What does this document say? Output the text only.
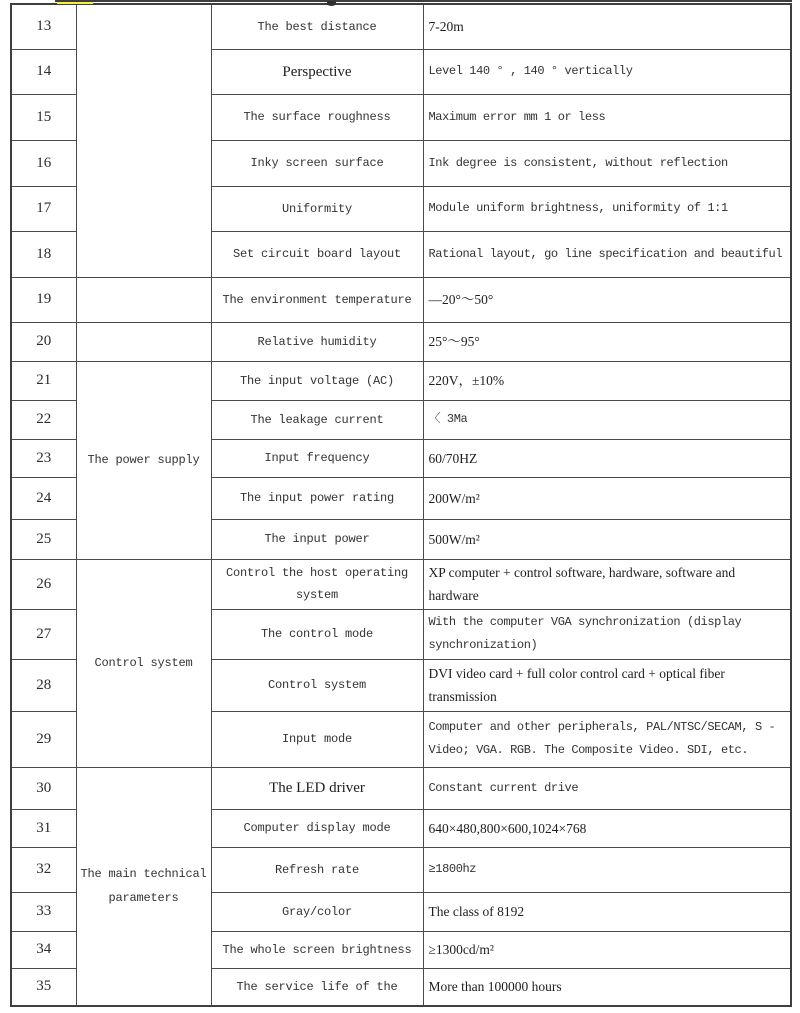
13		The best distance	7-20m
14		Perspective	Level 140 ° , 140 ° vertically
15		The surface roughness	Maximum error mm 1 or less
16		Inky screen surface	Ink degree is consistent, without reflection
17		Uniformity	Module uniform brightness, uniformity of 1:1
18		Set circuit board layout	Rational layout, go line specification and beautiful
19		The environment temperature	—20°～50°
20		Relative humidity	25°～95°
21	The power supply	The input voltage (AC)	220V，±10%
22		The leakage current	〈 3Ma
23		Input frequency	60/70HZ
24		The input power rating	200W/m²
25		The input power	500W/m²
26	Control system	Control the host operating system	XP computer + control software, hardware, software and hardware
27		The control mode	With the computer VGA synchronization (display synchronization)
28		Control system	DVI video card + full color control card + optical fiber transmission
29		Input mode	Computer and other peripherals, PAL/NTSC/SECAM, S - Video; VGA. RGB. The Composite Video. SDI, etc.
30	The main technical parameters	The LED driver	Constant current drive
31		Computer display mode	640×480,800×600,1024×768
32		Refresh rate	≥1800hz
33		Gray/color	The class of 8192
34		The whole screen brightness	≥1300cd/m²
35		The service life of the	More than 100000 hours
